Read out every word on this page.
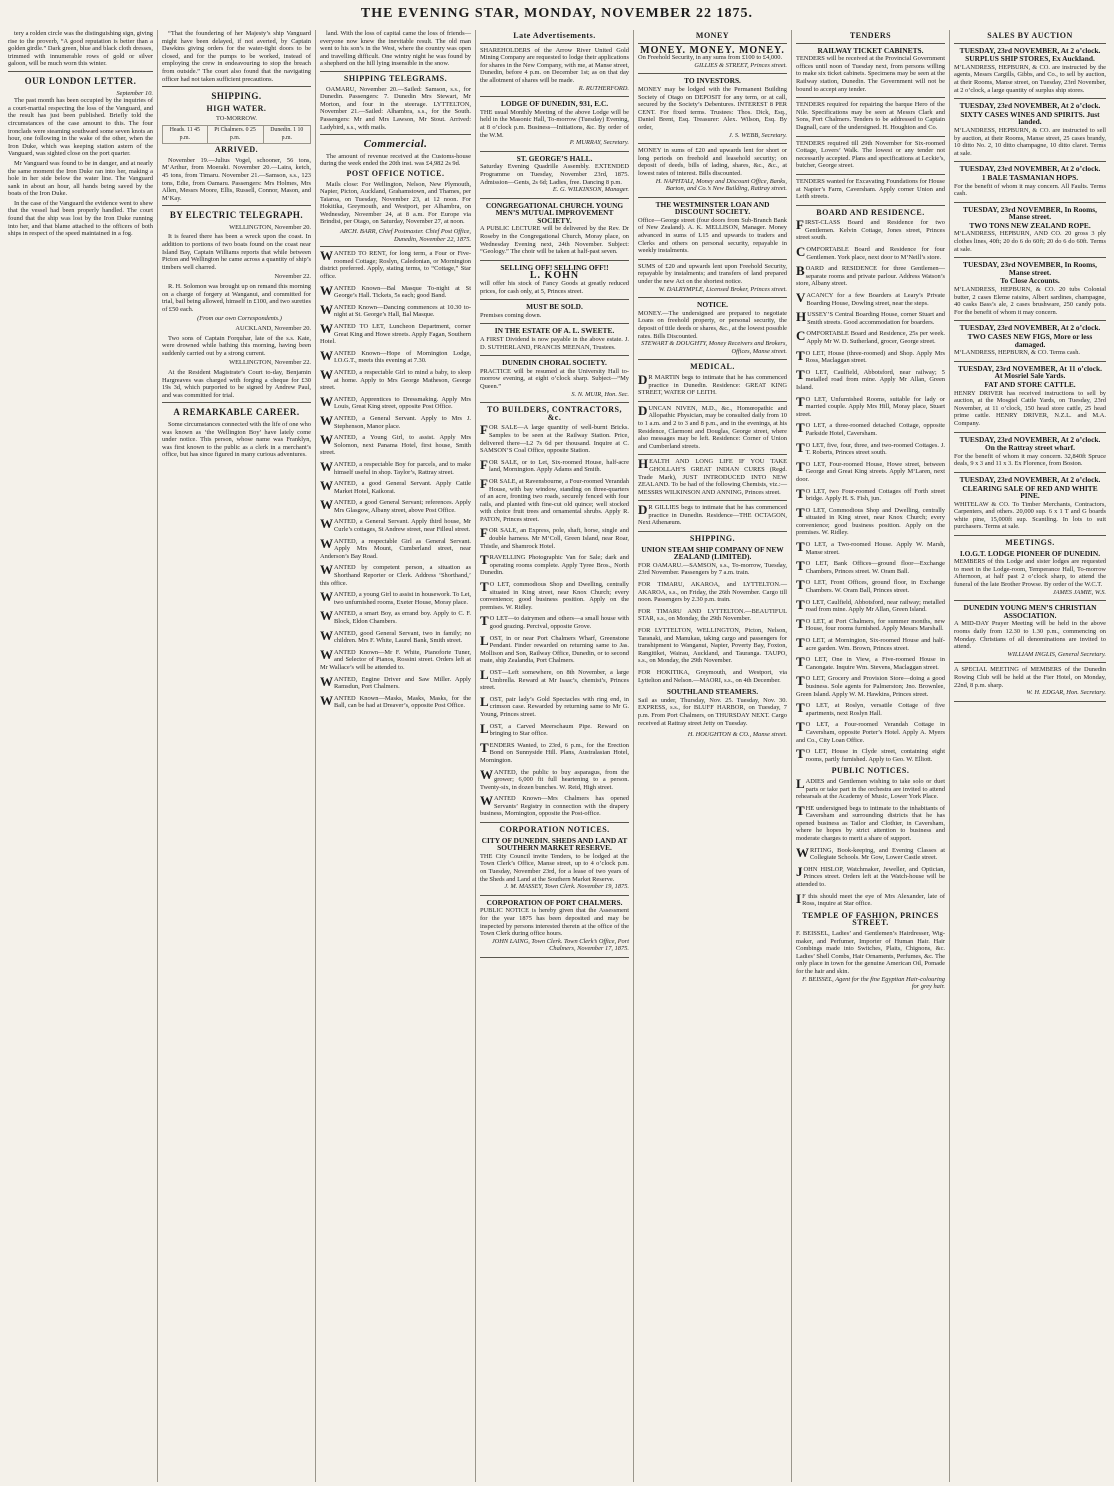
THE EVENING STAR, MONDAY, NOVEMBER 22 1875.

tery a rolden circle was the distinguishing sign, giving rise to the proverb, “A good reputation is better than a golden girdle.” Dark green, blue and black cloth dresses, trimmed with innumerable rows of gold or silver galoon, will be much worn this winter.

OUR LONDON LETTER.
September 10.

The past month has been occupied by the inquiries of a court-martial respecting the loss of the Vanguard, and the result has just been published. Briefly told the circumstances of the case amount to this. The four ironclads were steaming southward some seven knots an hour, one following in the wake of the other, when the Iron Duke, which was keeping station astern of the Vanguard, was sighted close on the port quarter.

Mr Vanguard was found to be in danger, and at nearly the same moment the Iron Duke ran into her, making a hole in her side below the water line. The Vanguard sank in about an hour, all hands being saved by the boats of the Iron Duke.

In the case of the Vanguard the evidence went to shew that the vessel had been properly handled. The court found that the ship was lost by the Iron Duke running into her, and that blame attached to the officers of both ships in respect of the speed maintained in a fog.

“That the foundering of her Majesty’s ship Vanguard might have been delayed, if not averted, by Captain Dawkins giving orders for the water-tight doors to be closed, and for the pumps to be worked, instead of employing the crew in endeavouring to stop the breach from outside.” The court also found that the navigating officer had not taken sufficient precautions.

SHIPPING.
HIGH WATER.
TO-MORROW.
Heads. 11 45 p.m.	Pt Chalmers. 0 25 p.m.	Dunedin. 1 10 p.m.
ARRIVED.

November 19.—Julius Vogel, schooner, 56 tons, M‘Arthur, from Moeraki. November 20.—Laira, ketch, 45 tons, from Timaru. November 21.—Samson, s.s., 123 tons, Edie, from Oamaru. Passengers: Mrs Holmes, Mrs Allen, Messrs Moore, Ellis, Russell, Connor, Mason, and M‘Kay.

BY ELECTRIC TELEGRAPH.

WELLINGTON, November 20.

It is feared there has been a wreck upon the coast. In addition to portions of two boats found on the coast near Island Bay, Captain Williams reports that while between Picton and Wellington he came across a quantity of ship’s timbers well charred.

November 22.

R. H. Solomon was brought up on remand this morning on a charge of forgery at Wanganui, and committed for trial, bail being allowed, himself in £100, and two sureties of £50 each.

(From our own Correspondents.)

AUCKLAND, November 20.

Two sons of Captain Forquhar, late of the s.s. Kate, were drowned while bathing this morning, having been suddenly carried out by a strong current.

WELLINGTON, November 22.

At the Resident Magistrate’s Court to-day, Benjamin Hargreaves was charged with forging a cheque for £30 19s 3d, which purported to be signed by Andrew Paul, and was committed for trial.

A REMARKABLE CAREER.

Some circumstances connected with the life of one who was known as ‘the Wellington Boy’ have lately come under notice. This person, whose name was Franklyn, was first known to the public as a clerk in a merchant’s office, but has since figured in many curious adventures.

land. With the loss of capital came the loss of friends—everyone now knew the inevitable result. The old man went to his son’s in the West, where the country was open and travelling difficult. One wintry night he was found by a shepherd on the hill lying insensible in the snow.

SHIPPING TELEGRAMS.

OAMARU, November 20.—Sailed: Samson, s.s., for Dunedin. Passengers: 7. Dunedin Mrs Stewart, Mr Morton, and four in the steerage. LYTTELTON, November 21.—Sailed: Alhambra, s.s., for the South. Passengers: Mr and Mrs Lawson, Mr Stout. Arrived: Ladybird, s.s., with mails.

Commercial.

The amount of revenue received at the Customs-house during the week ended the 20th inst. was £4,982 2s 9d.

POST OFFICE NOTICE.

Mails close: For Wellington, Nelson, New Plymouth, Napier, Picton, Auckland, Grahamstown, and Thames, per Taiaroa, on Tuesday, November 23, at 12 noon. For Hokitika, Greymouth, and Westport, per Alhambra, on Wednesday, November 24, at 8 a.m. For Europe via Brindisi, per Otago, on Saturday, November 27, at noon.

ARCH. BARR, Chief Postmaster. Chief Post Office, Dunedin, November 22, 1875.

WANTED TO RENT, for long term, a Four or Five-roomed Cottage; Roslyn, Caledonian, or Mornington district preferred. Apply, stating terms, to “Cottage,” Star office.
WANTED Known—Bal Masque To-night at St George’s Hall. Tickets, 5s each; good Band.
WANTED Known—Dancing commences at 10.30 to-night at St. George’s Hall, Bal Masque.
WANTED TO LET, Luncheon Department, corner Great King and Howe streets. Apply Fagan, Southern Hotel.
WANTED Known—Hope of Mornington Lodge, I.O.G.T., meets this evening at 7.30.
WANTED, a respectable Girl to mind a baby, to sleep at home. Apply to Mrs George Matheson, George street.
WANTED, Apprentices to Dressmaking. Apply Mrs Louis, Great King street, opposite Post Office.
WANTED, a General Servant. Apply to Mrs J. Stephenson, Manor place.
WANTED, a Young Girl, to assist. Apply Mrs Solomon, next Panama Hotel, first house, Smith street.
WANTED, a respectable Boy for parcels, and to make himself useful in shop. Taylor’s, Rattray street.
WANTED, a good General Servant. Apply Cattle Market Hotel, Kaikorai.
WANTED, a good General Servant; references. Apply Mrs Glasgow, Albany street, above Post Office.
WANTED, a General Servant. Apply third house, Mr Curle’s cottages, St Andrew street, near Filleul street.
WANTED, a respectable Girl as General Servant. Apply Mrs Mount, Cumberland street, near Anderson’s Bay Road.
WANTED by competent person, a situation as Shorthand Reporter or Clerk. Address ‘Shorthand,’ this office.
WANTED, a young Girl to assist in housework. To Let, two unfurnished rooms, Exeter House, Moray place.
WANTED, a smart Boy, as errand boy. Apply to C. F. Block, Eldon Chambers.
WANTED, good General Servant, two in family; no children. Mrs F. White, Laurel Bank, Smith street.
WANTED Known—Mr F. White, Pianoforte Tuner, and Selector of Pianos, Rossini street. Orders left at Mr Wallace’s will be attended to.
WANTED, Engine Driver and Saw Miller. Apply Ramsdun, Port Chalmers.
WANTED Known—Masks, Masks, Masks, for the Ball, can be had at Dreaver’s, opposite Post Office.
Late Advertisements.
SHAREHOLDERS of the Arrow River United Gold Mining Company are requested to lodge their applications for shares in the New Company, with me, at Manse street, Dunedin, before 4 p.m. on December 1st; as on that day the allotment of shares will be made.
R. RUTHERFORD.
LODGE OF DUNEDIN, 931, E.C.
THE usual Monthly Meeting of the above Lodge will be held in the Masonic Hall, To-morrow (Tuesday) Evening, at 8 o’clock p.m. Business—Initiations, &c. By order of the W.M.
P. MURRAY, Secretary.
ST. GEORGE’S HALL.
Saturday Evening Quadrille Assembly. EXTENDED Programme on Tuesday, November 23rd, 1875. Admission—Gents, 2s 6d; Ladies, free. Dancing 8 p.m.
E. G. WILKINSON, Manager.
CONGREGATIONAL CHURCH. YOUNG MEN’S MUTUAL IMPROVEMENT SOCIETY.
A PUBLIC LECTURE will be delivered by the Rev. Dr Roseby in the Congregational Church, Moray place, on Wednesday Evening next, 24th November. Subject: “Geology.” The choir will be taken at half-past seven.
SELLING OFF! SELLING OFF!!
L. KOHN
will offer his stock of Fancy Goods at greatly reduced prices, for cash only, at 5, Princes street.
MUST BE SOLD.
Premises coming down.
IN THE ESTATE OF A. L. SWEETE.
A FIRST Dividend is now payable in the above estate. J. D. SUTHERLAND, FRANCIS MEENAN, Trustees.
DUNEDIN CHORAL SOCIETY.
PRACTICE will be resumed at the University Hall to-morrow evening, at eight o’clock sharp. Subject—“My Queen.”
S. N. MUIR, Hon. Sec.
TO BUILDERS, CONTRACTORS, &c.
FOR SALE—A large quantity of well-burnt Bricks. Samples to be seen at the Railway Station. Price, delivered there—L2 7s 6d per thousand. Inquire at C. SAMSON’S Coal Office, opposite Station.
FOR SALE, or to Let, Six-roomed House, half-acre land, Mornington. Apply Adams and Smith.
FOR SALE, at Ravensbourne, a Four-roomed Verandah House, with bay window, standing on three-quarters of an acre, fronting two roads, securely fenced with four rails, and planted with fine-cut old quince; well stocked with choice fruit trees and ornamental shrubs. Apply R. PATON, Princes street.
FOR SALE, an Express, pole, shaft, horse, single and double harness. Mr M‘Coll, Green Island, near Roar, Thistle, and Shamrock Hotel.
TRAVELLING Photographic Van for Sale; dark and operating rooms complete. Apply Tyree Bros., North Dunedin.
TO LET, commodious Shop and Dwelling, centrally situated in King street, near Knox Church; every convenience; good business position. Apply on the premises. W. Ridley.
TO LET—to dairymen and others—a small house with good grazing. Percival, opposite Grove.
LOST, in or near Port Chalmers Wharf, Greenstone Pendant. Finder rewarded on returning same to Jas. Mollison and Son, Railway Office, Dunedin, or to second mate, ship Zealandia, Port Chalmers.
LOST—Left somewhere, on 8th November, a large Umbrella. Reward at Mr Isaac’s, chemist’s, Princes street.
LOST, pair lady’s Gold Spectacles with ring end, in crimson case. Rewarded by returning same to Mr G. Young, Princes street.
LOST, a Carved Meerschaum Pipe. Reward on bringing to Star office.
TENDERS Wanted, to 23rd, 6 p.m., for the Erection Bond on Sunnyside Hill. Plans, Australasian Hotel, Mornington.
WANTED, the public to buy asparagus, from the grower; 6,000 fit full heartening to a person. Twenty-six, in dozen bunches. W. Reid, High street.
WANTED Known—Mrs Chalmers has opened Servants’ Registry in connection with the drapery business, Mornington, opposite the Post-office.
CORPORATION NOTICES.
CITY OF DUNEDIN. SHEDS AND LAND AT SOUTHERN MARKET RESERVE.
THE City Council invite Tenders, to be lodged at the Town Clerk’s Office, Manse street, up to 4 o’clock p.m. on Tuesday, November 23rd, for a lease of two years of the Sheds and Land at the Southern Market Reserve.
J. M. MASSEY, Town Clerk. November 19, 1875.
CORPORATION OF PORT CHALMERS.
PUBLIC NOTICE is hereby given that the Assessment for the year 1875 has been deposited and may be inspected by persons interested therein at the office of the Town Clerk during office hours.
JOHN LAING, Town Clerk. Town Clerk’s Office, Port Chalmers, November 17, 1875.
MONEY
MONEY. MONEY. MONEY.
On Freehold Security, in any sums from £100 to £4,000.
GILLIES & STREET, Princes street.
TO INVESTORS.
MONEY may be lodged with the Permanent Building Society of Otago on DEPOSIT for any term, or at call, secured by the Society’s Debentures. INTEREST 8 PER CENT. For fixed terms. Trustees: Thos. Dick, Esq., Daniel Brent, Esq. Treasurer: Alex. Wilson, Esq. By order,
J. S. WEBB, Secretary.
MONEY in sums of £20 and upwards lent for short or long periods on freehold and leasehold security; on deposit of deeds, bills of lading, shares, &c., &c., at lowest rates of interest. Bills discounted.
H. NAPHTALI, Money and Discount Office, Banks, Barton, and Co.’s New Building, Rattray street.
THE WESTMINSTER LOAN AND DISCOUNT SOCIETY.
Office—George street (four doors from Sub-Branch Bank of New Zealand). A. K. MELLISON, Manager. Money advanced in sums of L15 and upwards to traders and Clerks and others on personal security, repayable in weekly instalments.
SUMS of £20 and upwards lent upon Freehold Security, repayable by instalments; and transfers of land prepared under the new Act on the shortest notice.
W. DALRYMPLE, Licensed Broker, Princes street.
NOTICE.
MONEY.—The undersigned are prepared to negotiate Loans on freehold property, or personal security, the deposit of title deeds or shares, &c., at the lowest possible rates. Bills Discounted.
STEWART & DOUGHTY, Money Receivers and Brokers, Offices, Manse street.
MEDICAL.
DR MARTIN begs to intimate that he has commenced practice in Dunedin. Residence: GREAT KING STREET, WATER OF LEITH.
DUNCAN NIVEN, M.D., &c., Homœopathic and Allopathic Physician, may be consulted daily from 10 to 1 a.m. and 2 to 3 and 8 p.m., and in the evenings, at his Residence, Clarmont and Douglas, George street, where also messages may be left. Residence: Corner of Union and Cumberland streets.
HEALTH AND LONG LIFE IF YOU TAKE GHOLLAH’S GREAT INDIAN CURES (Regd. Trade Mark), JUST INTRODUCED INTO NEW ZEALAND. To be had of the following Chemists, viz.:—MESSRS WILKINSON AND ANNING, Princes street.
DR GILLIES begs to intimate that he has commenced practice in Dunedin. Residence—THE OCTAGON, Next Athenæum.
SHIPPING.
UNION STEAM SHIP COMPANY OF NEW ZEALAND (LIMITED).
FOR OAMARU.—SAMSON, s.s., To-morrow, Tuesday, 23rd November. Passengers by 7 a.m. train.
FOR TIMARU, AKAROA, and LYTTELTON.—AKAROA, s.s., on Friday, the 26th November. Cargo till noon. Passengers by 2.30 p.m. train.
FOR TIMARU AND LYTTELTON.—BEAUTIFUL STAR, s.s., on Monday, the 29th November.
FOR LYTTELTON, WELLINGTON, Picton, Nelson, Taranaki, and Manukau, taking cargo and passengers for transhipment to Wanganui, Napier, Poverty Bay, Foxton, Rangitikei, Wairau, Auckland, and Tauranga. TAUPO, s.s., on Monday, the 29th November.
FOR HOKITIKA, Greymouth, and Westport, via Lyttelton and Nelson.—MAORI, s.s., on 4th December.
SOUTHLAND STEAMERS.
Sail as under, Thursday, Nov. 25. Tuesday, Nov. 30. EXPRESS, s.s., for BLUFF HARBOR, on Tuesday, 7 p.m. From Port Chalmers, on THURSDAY NEXT. Cargo received at Rattray street Jetty on Tuesday.
H. HOUGHTON & CO., Manse street.
TENDERS
RAILWAY TICKET CABINETS.
TENDERS will be received at the Provincial Government offices until noon of Tuesday next, from persons willing to make six ticket cabinets. Specimens may be seen at the Railway station, Dunedin. The Government will not be bound to accept any tender.
TENDERS required for repairing the barque Hero of the Nile. Specifications may be seen at Messrs Clark and Sons, Port Chalmers. Tenders to be addressed to Captain Dagnall, care of the undersigned. H. Houghton and Co.
TENDERS required till 29th November for Six-roomed Cottage, Lovers’ Walk. The lowest or any tender not necessarily accepted. Plans and specifications at Leckie’s, butcher, George street.
TENDERS wanted for Excavating Foundations for House at Napier’s Farm, Caversham. Apply corner Union and Leith streets.
BOARD AND RESIDENCE.
FIRST-CLASS Board and Residence for two Gentlemen. Kelvin Cottage, Jones street, Princes street south.
COMFORTABLE Board and Residence for four Gentlemen. York place, next door to M‘Neill’s store.
BOARD and RESIDENCE for three Gentlemen—separate rooms and private parlour. Address Watson’s store, Albany street.
VACANCY for a few Boarders at Leary’s Private Boarding House, Dowling street, near the steps.
HUSSEY’S Central Boarding House, corner Stuart and Smith streets. Good accommodation for boarders.
COMFORTABLE Board and Residence, 25s per week. Apply Mr W. D. Sutherland, grocer, George street.
TO LET, House (three-roomed) and Shop. Apply Mrs Ross, Maclaggan street.
TO LET, Caulfield, Abbotsford, near railway; 5 metalled road from mine. Apply Mr Allan, Green Island.
TO LET, Unfurnished Rooms, suitable for lady or married couple. Apply Mrs Hill, Moray place, Stuart street.
TO LET, a three-roomed detached Cottage, opposite Parkside Hotel, Caversham.
TO LET, five, four, three, and two-roomed Cottages. J. T. Roberts, Princes street south.
TO LET, Four-roomed House, Howe street, between George and Great King streets. Apply M‘Laren, next door.
TO LET, two Four-roomed Cottages off Forth street bridge. Apply H. S. Fish, jun.
TO LET, Commodious Shop and Dwelling, centrally situated in King street, near Knox Church; every convenience; good business position. Apply on the premises. W. Ridley.
TO LET, a Two-roomed House. Apply W. Marsh, Manse street.
TO LET, Bank Offices—ground floor—Exchange Chambers, Princes street. W. Oram Ball.
TO LET, Front Offices, ground floor, in Exchange Chambers. W. Oram Ball, Princes street.
TO LET, Caulfield, Abbotsford, near railway; metalled road from mine. Apply Mr Allan, Green Island.
TO LET, at Port Chalmers, for summer months, new House, four rooms furnished. Apply Messrs Marshall.
TO LET, at Mornington, Six-roomed House and half-acre garden. Wm. Brown, Princes street.
TO LET, One in View, a Five-roomed House in Canongate. Inquire Wm. Stevens, Maclaggan street.
TO LET, Grocery and Provision Store—doing a good business. Sole agents for Palmerston; Jno. Brownlee, Green Island. Apply W. M. Hawkins, Princes street.
TO LET, at Roslyn, versatile Cottage of five apartments, next Roslyn Hall.
TO LET, a Four-roomed Verandah Cottage in Caversham, opposite Porter’s Hotel. Apply A. Myers and Co., City Loan Office.
TO LET, House in Clyde street, containing eight rooms, partly furnished. Apply to Geo. W. Elliott.
PUBLIC NOTICES.
LADIES and Gentlemen wishing to take solo or duet parts or take part in the orchestra are invited to attend rehearsals at the Academy of Music, Lower York Place.
THE undersigned begs to intimate to the inhabitants of Caversham and surrounding districts that he has opened business as Tailor and Clothier, in Caversham, where he hopes by strict attention to business and moderate charges to merit a share of support.
WRITING, Book-keeping, and Evening Classes at Collegiate Schools. Mr Gow, Lower Castle street.
JOHN HISLOP, Watchmaker, Jeweller, and Optician, Princes street. Orders left at the Watch-house will be attended to.
IF this should meet the eye of Mrs Alexander, late of Ross, inquire at Star office.
TEMPLE OF FASHION, PRINCES STREET.
F. BEISSEL, Ladies’ and Gentlemen’s Hairdresser, Wig-maker, and Perfumer, Importer of Human Hair. Hair Combings made into Switches, Plaits, Chignons, &c. Ladies’ Shell Combs, Hair Ornaments, Perfumes, &c. The only place in town for the genuine American Oil, Pomade for the hair and skin.
F. BEISSEL, Agent for the fine Egyptian Hair-colouring for grey hair.
SALES BY AUCTION
TUESDAY, 23rd NOVEMBER, At 2 o’clock.
SURPLUS SHIP STORES, Ex Auckland.
M‘LANDRESS, HEPBURN, & CO. are instructed by the agents, Messrs Cargills, Gibbs, and Co., to sell by auction, at their Rooms, Manse street, on Tuesday, 23rd November, at 2 o’clock, a large quantity of surplus ship stores.
TUESDAY, 23rd NOVEMBER, At 2 o’clock.
SIXTY CASES WINES AND SPIRITS. Just landed.
M‘LANDRESS, HEPBURN, & CO. are instructed to sell by auction, at their Rooms, Manse street, 25 cases brandy, 10 ditto No. 2, 10 ditto champagne, 10 ditto claret. Terms at sale.
TUESDAY, 23rd NOVEMBER, At 2 o’clock.
1 BALE TASMANIAN HOPS.
For the benefit of whom it may concern. All Faults. Terms cash.
TUESDAY, 23rd NOVEMBER, In Rooms, Manse street.
TWO TONS NEW ZEALAND ROPE.
M‘LANDRESS, HEPBURN, AND CO. 20 gross 3 ply clothes lines, 40ft; 20 do 6 do 60ft; 20 do 6 do 60ft. Terms at sale.
TUESDAY, 23rd NOVEMBER, In Rooms, Manse street.
To Close Accounts.
M‘LANDRESS, HEPBURN, & CO. 20 tubs Colonial butter, 2 cases Eleme raisins, Albert sardines, champagne, 40 casks Bass’s ale, 2 cases brushware, 250 candy pots. For the benefit of whom it may concern.
TUESDAY, 23rd NOVEMBER, At 2 o’clock.
TWO CASES NEW FIGS, More or less damaged.
M‘LANDRESS, HEPBURN, & CO. Terms cash.
TUESDAY, 23rd NOVEMBER, At 11 o’clock. At Mosriel Sale Yards.
FAT AND STORE CATTLE.
HENRY DRIVER has received instructions to sell by auction, at the Mosgiel Cattle Yards, on Tuesday, 23rd November, at 11 o’clock, 150 head store cattle, 25 head prime cattle. HENRY DRIVER, N.Z.L. and M.A. Company.
TUESDAY, 23rd NOVEMBER, At 2 o’clock.
On the Rattray street wharf.
For the benefit of whom it may concern. 32,840ft Spruce deals, 9 x 3 and 11 x 3. Ex Florence, from Boston.
TUESDAY, 23rd NOVEMBER, At 2 o’clock.
CLEARING SALE OF RED AND WHITE PINE.
WHITELAW & CO. To Timber Merchants, Contractors, Carpenters, and others. 20,000 sup. 6 x 1 T and G boards white pine, 15,000ft sup. Scantling. In lots to suit purchasers. Terms at sale.
MEETINGS.
I.O.G.T. LODGE PIONEER OF DUNEDIN.
MEMBERS of this Lodge and sister lodges are requested to meet in the Lodge-room, Temperance Hall, To-morrow Afternoon, at half past 2 o’clock sharp, to attend the funeral of the late Brother Prowse. By order of the W.C.T.
JAMES JAMIE, W.S.
DUNEDIN YOUNG MEN’S CHRISTIAN ASSOCIATION.
A MID-DAY Prayer Meeting will be held in the above rooms daily from 12.30 to 1.30 p.m., commencing on Monday. Christians of all denominations are invited to attend.
WILLIAM INGLIS, General Secretary.
A SPECIAL MEETING of MEMBERS of the Dunedin Rowing Club will be held at the Fier Hotel, on Monday, 22nd, 8 p.m. sharp.
W. H. EDGAR, Hon. Secretary.
